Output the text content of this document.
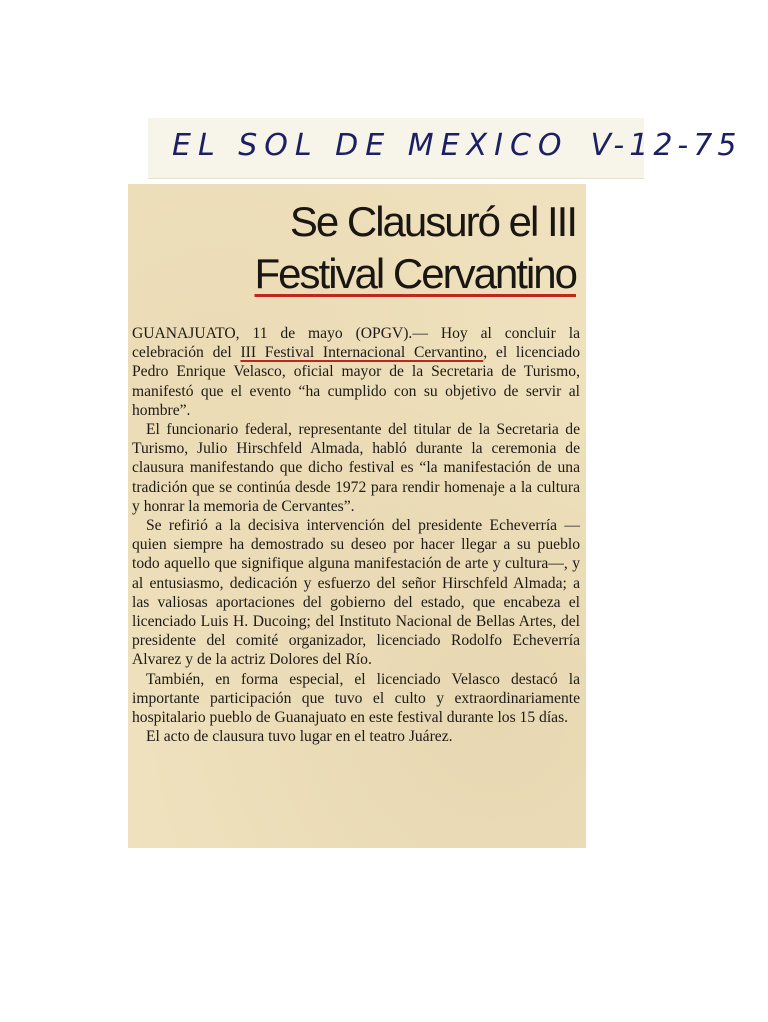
EL SOL DE MEXICO V-12-75
Se Clausuró el III
Festival Cervantino

GUANAJUATO, 11 de mayo (OPGV).— Hoy al concluir la celebración del III Festival Internacional Cervantino, el licenciado Pedro Enrique Velasco, oficial mayor de la Secretaria de Turismo, manifestó que el evento “ha cumplido con su objetivo de servir al hombre”.

El funcionario federal, representante del titular de la Secretaria de Turismo, Julio Hirschfeld Almada, habló durante la ceremonia de clausura manifestando que dicho festival es “la manifestación de una tradición que se continúa desde 1972 para rendir homenaje a la cultura y honrar la memoria de Cervantes”.

Se refirió a la decisiva intervención del presidente Echeverría —quien siempre ha demostrado su deseo por hacer llegar a su pueblo todo aquello que signifique alguna manifestación de arte y cultura—, y al entusiasmo, dedicación y esfuerzo del señor Hirschfeld Almada; a las valiosas aportaciones del gobierno del estado, que encabeza el licenciado Luis H. Ducoing; del Instituto Nacional de Bellas Artes, del presidente del comité organizador, licenciado Rodolfo Echeverría Alvarez y de la actriz Dolores del Río.

También, en forma especial, el licenciado Velasco destacó la importante participación que tuvo el culto y extraordinariamente hospitalario pueblo de Guanajuato en este festival durante los 15 días.

El acto de clausura tuvo lugar en el teatro Juárez.
